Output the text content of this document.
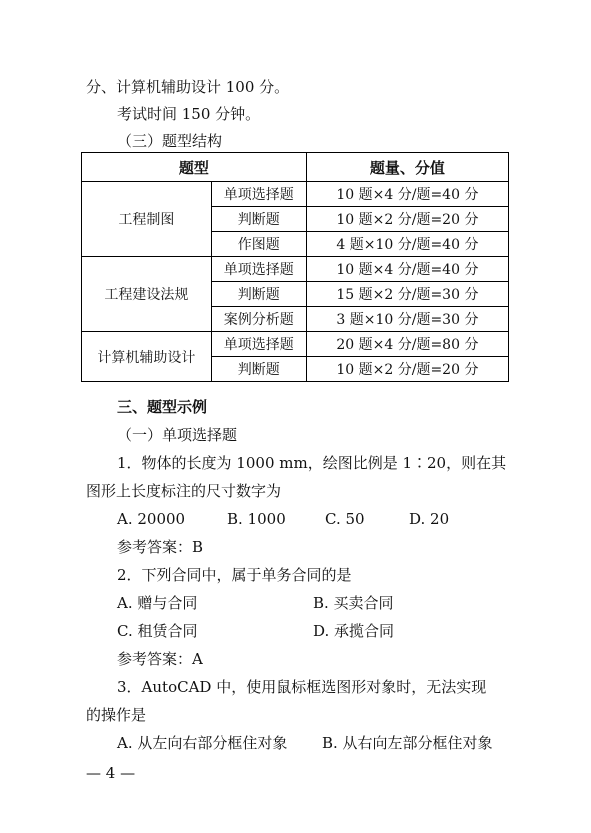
分、计算机辅助设计 100 分。
考试时间 150 分钟。
（三）题型结构
题型		题量、分值
工程制图	单项选择题	10 题×4 分/题=40 分
	判断题	10 题×2 分/题=20 分
	作图题	4 题×10 分/题=40 分
工程建设法规	单项选择题	10 题×4 分/题=40 分
	判断题	15 题×2 分/题=30 分
	案例分析题	3 题×10 分/题=30 分
计算机辅助设计	单项选择题	20 题×4 分/题=80 分
	判断题	10 题×2 分/题=20 分
三、题型示例
（一）单项选择题
1．物体的长度为 1000 mm，绘图比例是 1∶20，则在其
图形上长度标注的尺寸数字为
A. 20000	B. 1000	C. 50	D. 20
参考答案：B
2．下列合同中，属于单务合同的是
A. 赠与合同	B. 买卖合同
C. 租赁合同	D. 承揽合同
参考答案：A
3．AutoCAD 中，使用鼠标框选图形对象时，无法实现
的操作是
A. 从左向右部分框住对象 B. 从右向左部分框住对象
— 4 —
